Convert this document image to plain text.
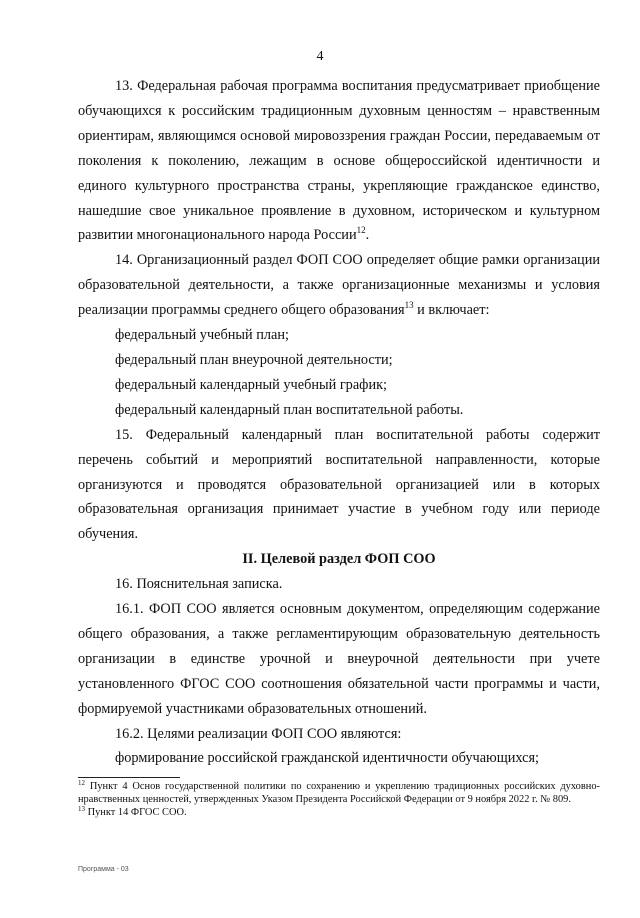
4

13. Федеральная рабочая программа воспитания предусматривает приобщение обучающихся к российским традиционным духовным ценностям – нравственным ориентирам, являющимся основой мировоззрения граждан России, передаваемым от поколения к поколению, лежащим в основе общероссийской идентичности и единого культурного пространства страны, укрепляющие гражданское единство, нашедшие свое уникальное проявление в духовном, историческом и культурном развитии многонационального народа России$^{12}$.

14. Организационный раздел ФОП СОО определяет общие рамки организации образовательной деятельности, а также организационные механизмы и условия реализации программы среднего общего образования$^{13}$ и включает:

федеральный учебный план;

федеральный план внеурочной деятельности;

федеральный календарный учебный график;

федеральный календарный план воспитательной работы.

15. Федеральный календарный план воспитательной работы содержит перечень событий и мероприятий воспитательной направленности, которые организуются и проводятся образовательной организацией или в которых образовательная организация принимает участие в учебном году или периоде обучения.

II. Целевой раздел ФОП СОО

16. Пояснительная записка.

16.1. ФОП СОО является основным документом, определяющим содержание общего образования, а также регламентирующим образовательную деятельность организации в единстве урочной и внеурочной деятельности при учете установленного ФГОС СОО соотношения обязательной части программы и части, формируемой участниками образовательных отношений.

16.2. Целями реализации ФОП СОО являются:

формирование российской гражданской идентичности обучающихся;

$^{12}$ Пункт 4 Основ государственной политики по сохранению и укреплению традиционных российских духовно-нравственных ценностей, утвержденных Указом Президента Российской Федерации от 9 ноября 2022 г. № 809.

$^{13}$ Пункт 14 ФГОС СОО.

Программа - 03
